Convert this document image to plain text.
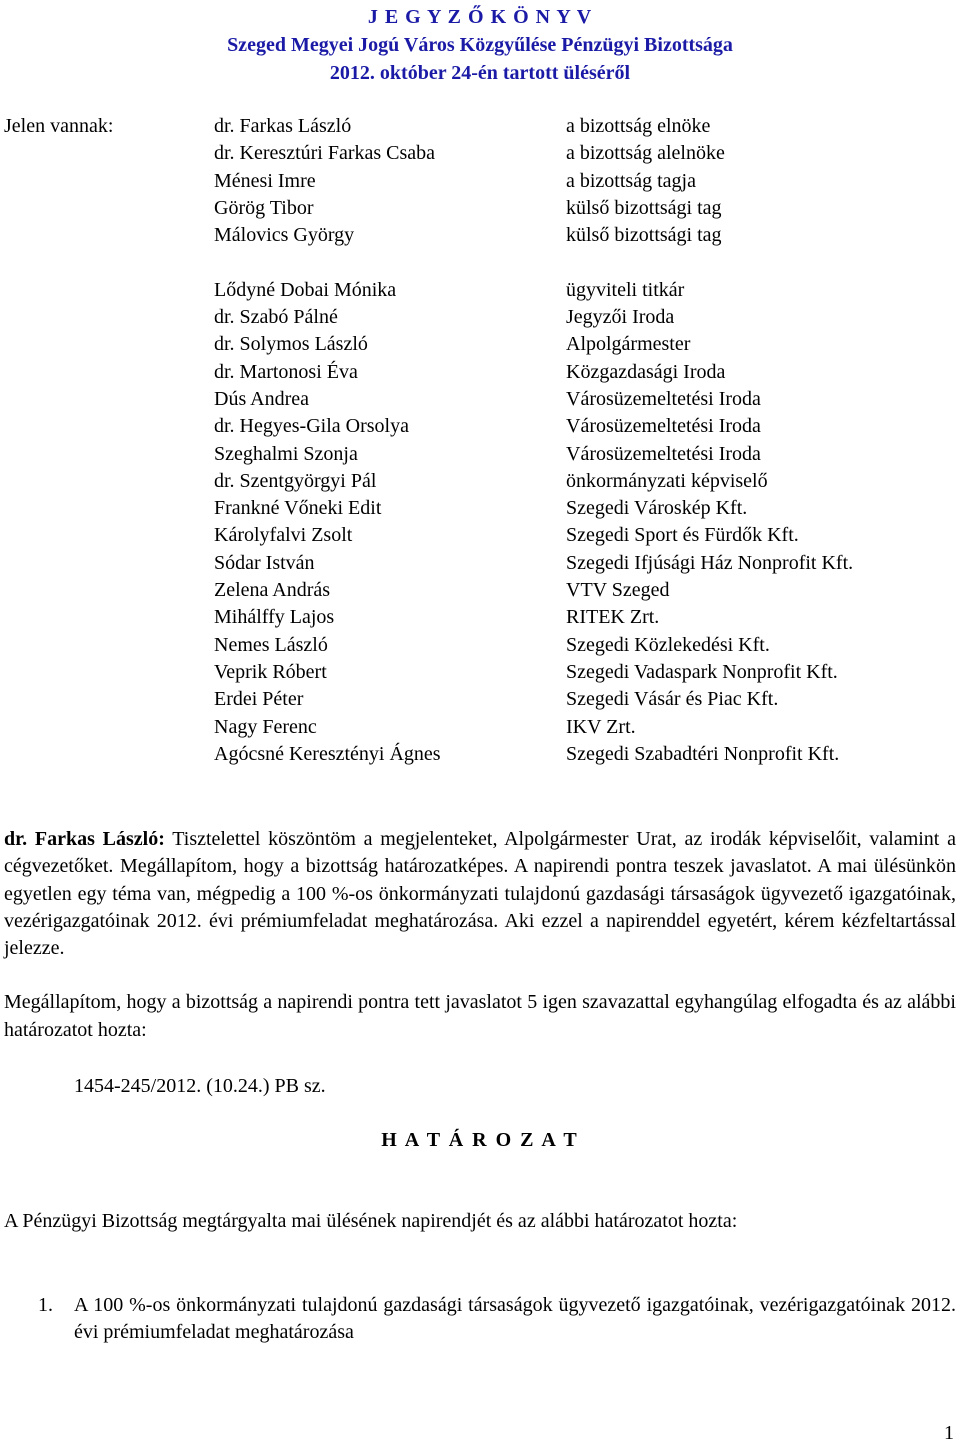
J E G Y Z Ő K Ö N Y V
Szeged Megyei Jogú Város Közgyűlése Pénzügyi Bizottsága
2012. október 24-én tartott üléséről
Jelen vannak:	dr. Farkas László
dr. Keresztúri Farkas Csaba
Ménesi Imre
Görög Tibor
Málovics György
Lődyné Dobai Mónika
dr. Szabó Pálné
dr. Solymos László
dr. Martonosi Éva
Dús Andrea
dr. Hegyes-Gila Orsolya
Szeghalmi Szonja
dr. Szentgyörgyi Pál
Frankné Vőneki Edit
Károlyfalvi Zsolt
Sódar István
Zelena András
Mihálffy Lajos
Nemes László
Veprik Róbert
Erdei Péter
Nagy Ferenc
Agócsné Keresztényi Ágnes
a bizottság elnöke
a bizottság alelnöke
a bizottság tagja
külső bizottsági tag
külső bizottsági tag
ügyviteli titkár
Jegyzői Iroda
Alpolgármester
Közgazdasági Iroda
Városüzemeltetési Iroda
Városüzemeltetési Iroda
Városüzemeltetési Iroda
önkormányzati képviselő
Szegedi Városkép Kft.
Szegedi Sport és Fürdők Kft.
Szegedi Ifjúsági Ház Nonprofit Kft.
VTV Szeged
RITEK Zrt.
Szegedi Közlekedési Kft.
Szegedi Vadaspark Nonprofit Kft.
Szegedi Vásár és Piac Kft.
IKV Zrt.
Szegedi Szabadtéri Nonprofit Kft.

dr. Farkas László: Tisztelettel köszöntöm a megjelenteket, Alpolgármester Urat, az irodák képviselőit, valamint a cégvezetőket. Megállapítom, hogy a bizottság határozatképes. A napirendi pontra teszek javaslatot. A mai ülésünkön egyetlen egy téma van, mégpedig a 100 %-os önkormányzati tulajdonú gazdasági társaságok ügyvezető igazgatóinak, vezérigazgatóinak 2012. évi prémiumfeladat meghatározása. Aki ezzel a napirenddel egyetért, kérem kézfeltartással jelezze.

Megállapítom, hogy a bizottság a napirendi pontra tett javaslatot 5 igen szavazattal egyhangúlag elfogadta és az alábbi határozatot hozta:

1454-245/2012. (10.24.) PB sz.
H A T Á R O Z A T
A Pénzügyi Bizottság megtárgyalta mai ülésének napirendjét és az alábbi határozatot hozta:
1. A 100 %-os önkormányzati tulajdonú gazdasági társaságok ügyvezető igazgatóinak, vezérigazgatóinak 2012. évi prémiumfeladat meghatározása
1
